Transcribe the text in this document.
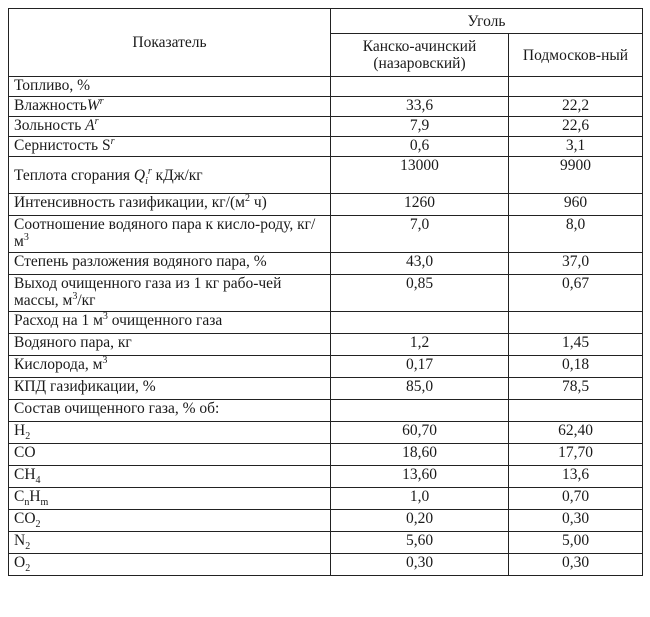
Показатель	Уголь	
	Канско-ачинский (назаровский)	Подмосков-ный
Топливо, %		
ВлажностьW$^r$	33,6	22,2
Зольность $A^r$	7,9	22,6
Сернистость $S^r$	0,6	3,1
Теплота сгорания $Q_i^r$ кДж/кг	13000	9900
Интенсивность газификации, $кг/(м^2$ ч)	1260	960
Соотношение водяного пара к кисло-роду, $кг/м^3$	7,0	8,0
Степень разложения водяного пара, %	43,0	37,0
Выход очищенного газа из 1 кг рабо-чей массы, $м^3/кг$	0,85	0,67
Расход на 1 $м^3$ очищенного газа		
Водяного пара, кг	1,2	1,45
Кислорода, $м^3$	0,17	0,18
КПД газификации, %	85,0	78,5
Состав очищенного газа, % об:		
$H_2$	60,70	62,40
CO	18,60	17,70
$CH_4$	13,60	13,6
$C_nH_m$	1,0	0,70
$CO_2$	0,20	0,30
$N_2$	5,60	5,00
$O_2$	0,30	0,30
